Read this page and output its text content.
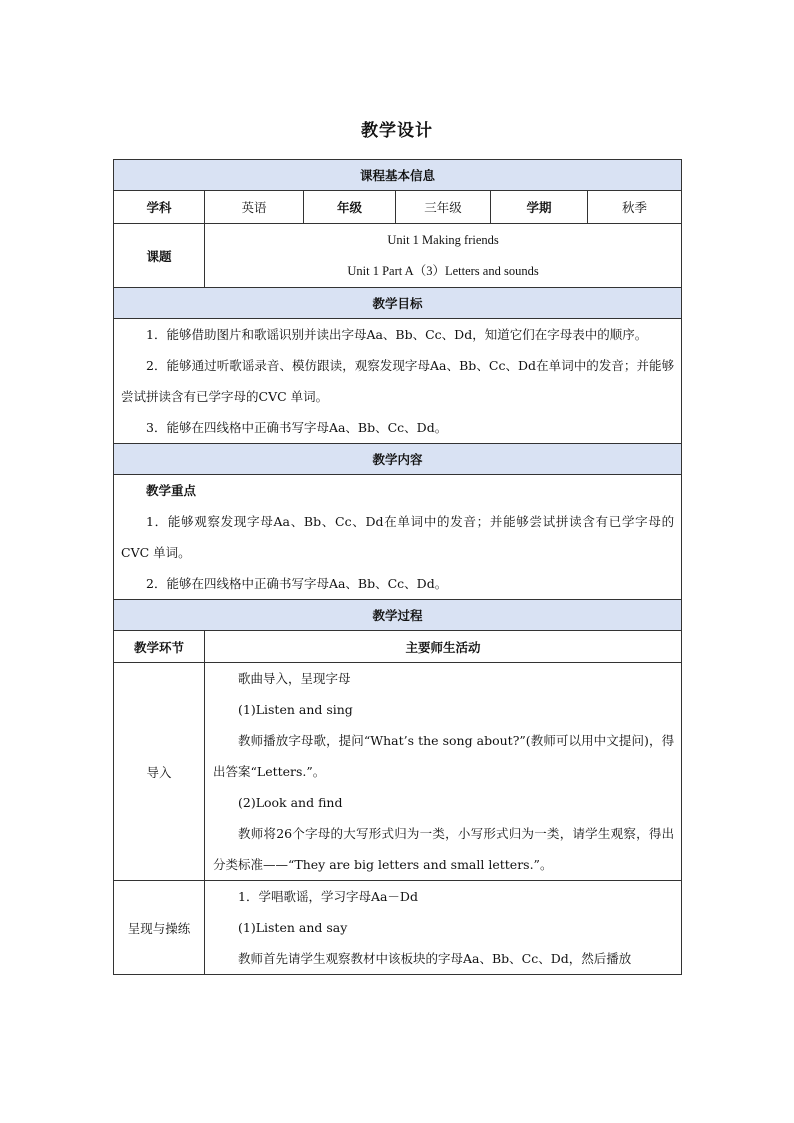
教学设计
课程基本信息					
学科	英语	年级	三年级	学期	秋季
课题	Unit 1 Making friends
Unit 1 Part A（3）Letters and sounds				

教学目标					

1．能够借助图片和歌谣识别并读出字母Aa、Bb、Cc、Dd，知道它们在字母表中的顺序。

2．能够通过听歌谣录音、模仿跟读，观察发现字母Aa、Bb、Cc、Dd在单词中的发音；并能够尝试拼读含有已学字母的CVC 单词。

3．能够在四线格中正确书写字母Aa、Bb、Cc、Dd。					

教学内容					

教学重点

1．能够观察发现字母Aa、Bb、Cc、Dd在单词中的发音；并能够尝试拼读含有已学字母的CVC 单词。

2．能够在四线格中正确书写字母Aa、Bb、Cc、Dd。					

教学过程					
教学环节	主要师生活动				
导入	歌曲导入，呈现字母

(1)Listen and sing

教师播放字母歌，提问“What’s the song about?”(教师可以用中文提问)，得出答案“Letters.”。

(2)Look and find

教师将26个字母的大写形式归为一类，小写形式归为一类，请学生观察，得出分类标准——“They are big letters and small letters.”。				

呈现与操练	1．学唱歌谣，学习字母Aa－Dd

(1)Listen and say

教师首先请学生观察教材中该板块的字母Aa、Bb、Cc、Dd，然后播放				
